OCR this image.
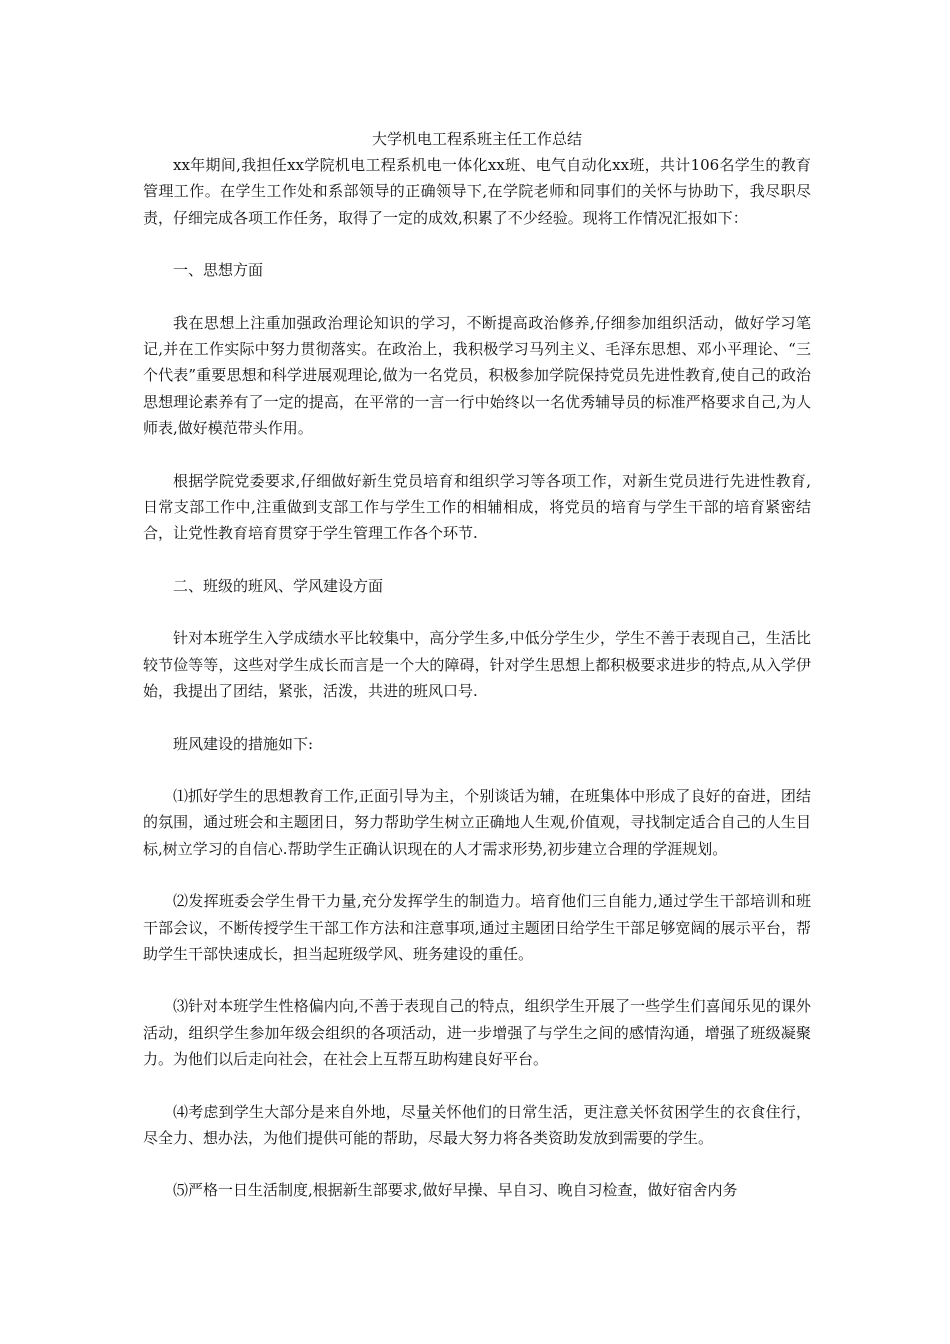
大学机电工程系班主任工作总结

xx年期间,我担任xx学院机电工程系机电一体化xx班、电气自动化xx班，共计106名学生的教育管理工作。在学生工作处和系部领导的正确领导下,在学院老师和同事们的关怀与协助下，我尽职尽责，仔细完成各项工作任务，取得了一定的成效,积累了不少经验。现将工作情况汇报如下：

一、思想方面

我在思想上注重加强政治理论知识的学习，不断提高政治修养,仔细参加组织活动，做好学习笔记,并在工作实际中努力贯彻落实。在政治上，我积极学习马列主义、毛泽东思想、邓小平理论、“三个代表”重要思想和科学进展观理论,做为一名党员，积极参加学院保持党员先进性教育,使自己的政治思想理论素养有了一定的提高，在平常的一言一行中始终以一名优秀辅导员的标准严格要求自己,为人师表,做好模范带头作用。

根据学院党委要求,仔细做好新生党员培育和组织学习等各项工作，对新生党员进行先进性教育,日常支部工作中,注重做到支部工作与学生工作的相辅相成，将党员的培育与学生干部的培育紧密结合，让党性教育培育贯穿于学生管理工作各个环节.

二、班级的班风、学风建设方面

针对本班学生入学成绩水平比较集中，高分学生多,中低分学生少，学生不善于表现自己，生活比较节俭等等，这些对学生成长而言是一个大的障碍，针对学生思想上都积极要求进步的特点,从入学伊始，我提出了团结，紧张，活泼，共进的班风口号.

班风建设的措施如下:

⑴抓好学生的思想教育工作,正面引导为主，个别谈话为辅，在班集体中形成了良好的奋进，团结的氛围，通过班会和主题团日，努力帮助学生树立正确地人生观,价值观，寻找制定适合自己的人生目标,树立学习的自信心.帮助学生正确认识现在的人才需求形势,初步建立合理的学涯规划。

⑵发挥班委会学生骨干力量,充分发挥学生的制造力。培育他们三自能力,通过学生干部培训和班干部会议，不断传授学生干部工作方法和注意事项,通过主题团日给学生干部足够宽阔的展示平台，帮助学生干部快速成长，担当起班级学风、班务建设的重任。

⑶针对本班学生性格偏内向,不善于表现自己的特点，组织学生开展了一些学生们喜闻乐见的课外活动，组织学生参加年级会组织的各项活动，进一步增强了与学生之间的感情沟通，增强了班级凝聚力。为他们以后走向社会，在社会上互帮互助构建良好平台。

⑷考虑到学生大部分是来自外地，尽量关怀他们的日常生活，更注意关怀贫困学生的衣食住行，尽全力、想办法，为他们提供可能的帮助，尽最大努力将各类资助发放到需要的学生。

⑸严格一日生活制度,根据新生部要求,做好早操、早自习、晚自习检查，做好宿舍内务
